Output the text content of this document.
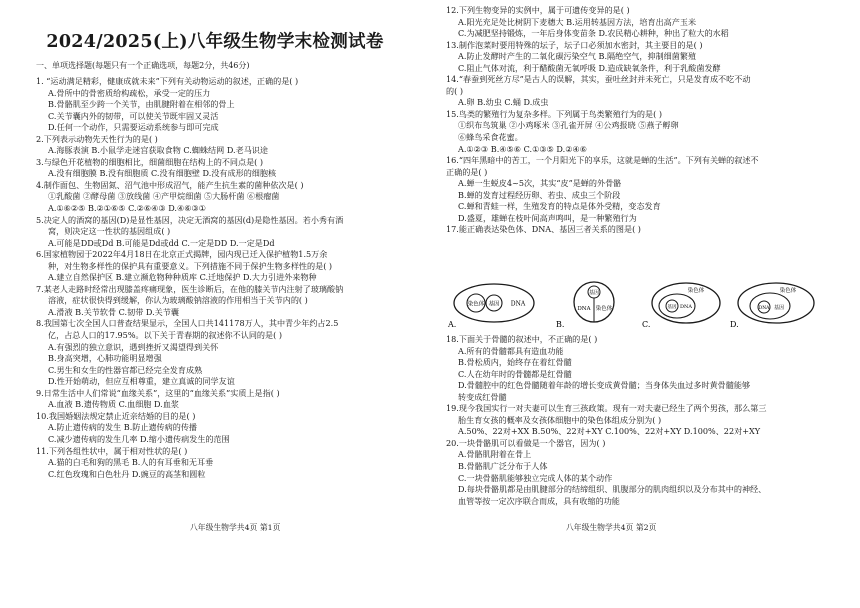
2024/2025(上)八年级生物学末检测试卷
一、单项选择题(每题只有一个正确选项，每题2分，共46分)
1. “运动满足精彩，健康成就未来”下列有关动物运动的叙述，正确的是( )
A.骨所中的骨密质给构疏松，承受一定的压力
B.骨骼肌至少跨一个关节，由肌腱附着在相邻的骨上
C.关节囊内外的韧带，可以使关节既牢固又灵活
D.任何一个动作，只需要运动系统参与即可完成
2.下列表示动物先天性行为的是( )
A.海豚表演 B.小鼠学走迷宫获取食物 C.蜘蛛结网 D.老马识途
3.与绿色开花植物的细胞相比，细菌细胞在结构上的不同点是( )
A.没有细胞膜 B.没有细胞质 C.没有细胞壁 D.没有成形的细胞核
4.制作面包、生物固氮、沼气池中形成沼气，能产生抗生素的菌种依次是( )
①乳酸菌 ②酵母菌 ③放线菌 ④产甲烷细菌 ⑤大肠杆菌 ⑥根瘤菌
A.①⑥②⑤ B.②①⑥⑤ C.②⑥④③ D.④⑥③①
5.决定人的酒窝的基因(D)是显性基因，决定无酒窝的基因(d)是隐性基因。若小秀有酒
窝，则决定这一性状的基因组成( )
A.可能是DD或Dd B.可能是Dd或dd C.一定是DD D.一定是Dd
6.国家植物园于2022年4月18日在北京正式揭牌，园内现已迁入保护植物1.5万余
种，对生物多样性的保护具有重要意义。下列措施不同于保护生物多样性的是( )
A.建立自然保护区 B.建立濒危物种种质库 C.迁地保护 D.大力引进外来物种
7.某老人走路时经常出现膝盖疼痛现象，医生诊断后，在他的膝关节内注射了玻璃酸钠
溶液，症状很快得到缓解，你认为玻璃酸钠溶液的作用相当于关节内的( )
A.滑液 B.关节软骨 C.韧带 D.关节囊
8.我国第七次全国人口普查结果显示，全国人口共141178万人，其中青少年约占2.5
亿，占总人口的17.95%。以下关于青春期的叙述你不认同的是( )
A.有强烈的独立意识，遇到挫折又渴望得到关怀
B.身高突增，心肺功能明显增强
C.男生和女生的性器官都已经完全发育成熟
D.性开始萌动，但应互相尊重，建立真诚的同学友谊
9.日常生活中人们常说“血缘关系”，这里的“血缘关系”实质上是指( )
A.血液 B.遗传物质 C.血细胞 D.血浆
10.我国婚姻法规定禁止近亲结婚的目的是( )
A.防止遗传病的发生 B.防止遗传病的传播
C.减少遗传病的发生几率 D.缩小遗传病发生的范围
11.下列各组性状中，属于相对性状的是( )
A.猫的白毛和狗的黑毛 B.人的有耳垂和无耳垂
C.红色玫瑰和白色牡丹 D.豌豆的高茎和圆粒
八年级生物学共4页 第1页
12.下列生物变异的实例中，属于可遗传变异的是( )
A.阳光充足处比树阴下麦穗大 B.运用转基因方法，培育出高产玉米
C.为减肥坚持锻炼，一年后身体变苗条 D.农民精心耕种，种出了粒大的水稻
13.制作泡菜时要用特殊的坛子，坛子口必须加水密封，其主要目的是( )
A.防止发酵时产生的二氧化碳污染空气 B.隔绝空气，抑制细菌繁殖
C.阻止气体对流，利于醋酸菌无氧呼吸 D.造成缺氧条件，利于乳酸菌发酵
14.“春蚕到死丝方尽”是古人的误解，其实，蚕吐丝封并未死亡，只是发育成不吃不动
的( )
A.卵 B.幼虫 C.蛹 D.成虫
15.鸟类的繁殖行为复杂多样。下列属于鸟类繁殖行为的是( )
①织布鸟筑巢 ②小鸡啄米 ③孔雀开屏 ④公鸡报晓 ⑤燕子孵卵
⑥蜂鸟采食花蜜。
A.①②③ B.④⑤⑥ C.①③⑤ D.②④⑥
16.“四年黑暗中的苦工，一个月阳光下的享乐，这就是蝉的生活”。下列有关蝉的叙述不
正确的是( )
A.蝉一生蜕皮4~5次，其实“皮”是蝉的外骨骼
B.蝉的发育过程经历卵、若虫、成虫三个阶段
C.蝉和青蛙一样，生殖发育的特点是体外受精，变态发育
D.盛夏，雄蝉在枝叶间高声鸣叫，是一种繁殖行为
17.能正确表达染色体、DNA、基因三者关系的图是( )
A.
染色体 基因 DNA
B.
基因
DNA 染色体
C.
染色体
DNA
基因
D.
染色体
基因
DNA
18.下面关于骨髓的叙述中，不正确的是( )
A.所有的骨髓都具有造血功能
B.骨松质内，始终存在着红骨髓
C.人在幼年时的骨髓都是红骨髓
D.骨髓腔中的红色骨髓随着年龄的增长变成黄骨髓；当身体失血过多时黄骨髓能够
转变成红骨髓
19.现今我国实行一对夫妻可以生育三孩政策。现有一对夫妻已经生了两个男孩，那么第三
胎生育女孩的概率及女孩体细胞中的染色体组成分别为( )
A.50%、22对+XX B.50%、22对+XY C.100%、22对+XY D.100%、22对+XY
20.一块骨骼肌可以看做是一个器官，因为( )
A.骨骼肌附着在骨上
B.骨骼肌广泛分布于人体
C.一块骨骼肌能够独立完成人体的某个动作
D.每块骨骼肌都是由肌腱部分的结缔组织、肌腹部分的肌肉组织以及分布其中的神经、
血管等按一定次序联合而成，具有收缩的功能
八年级生物学共4页 第2页
